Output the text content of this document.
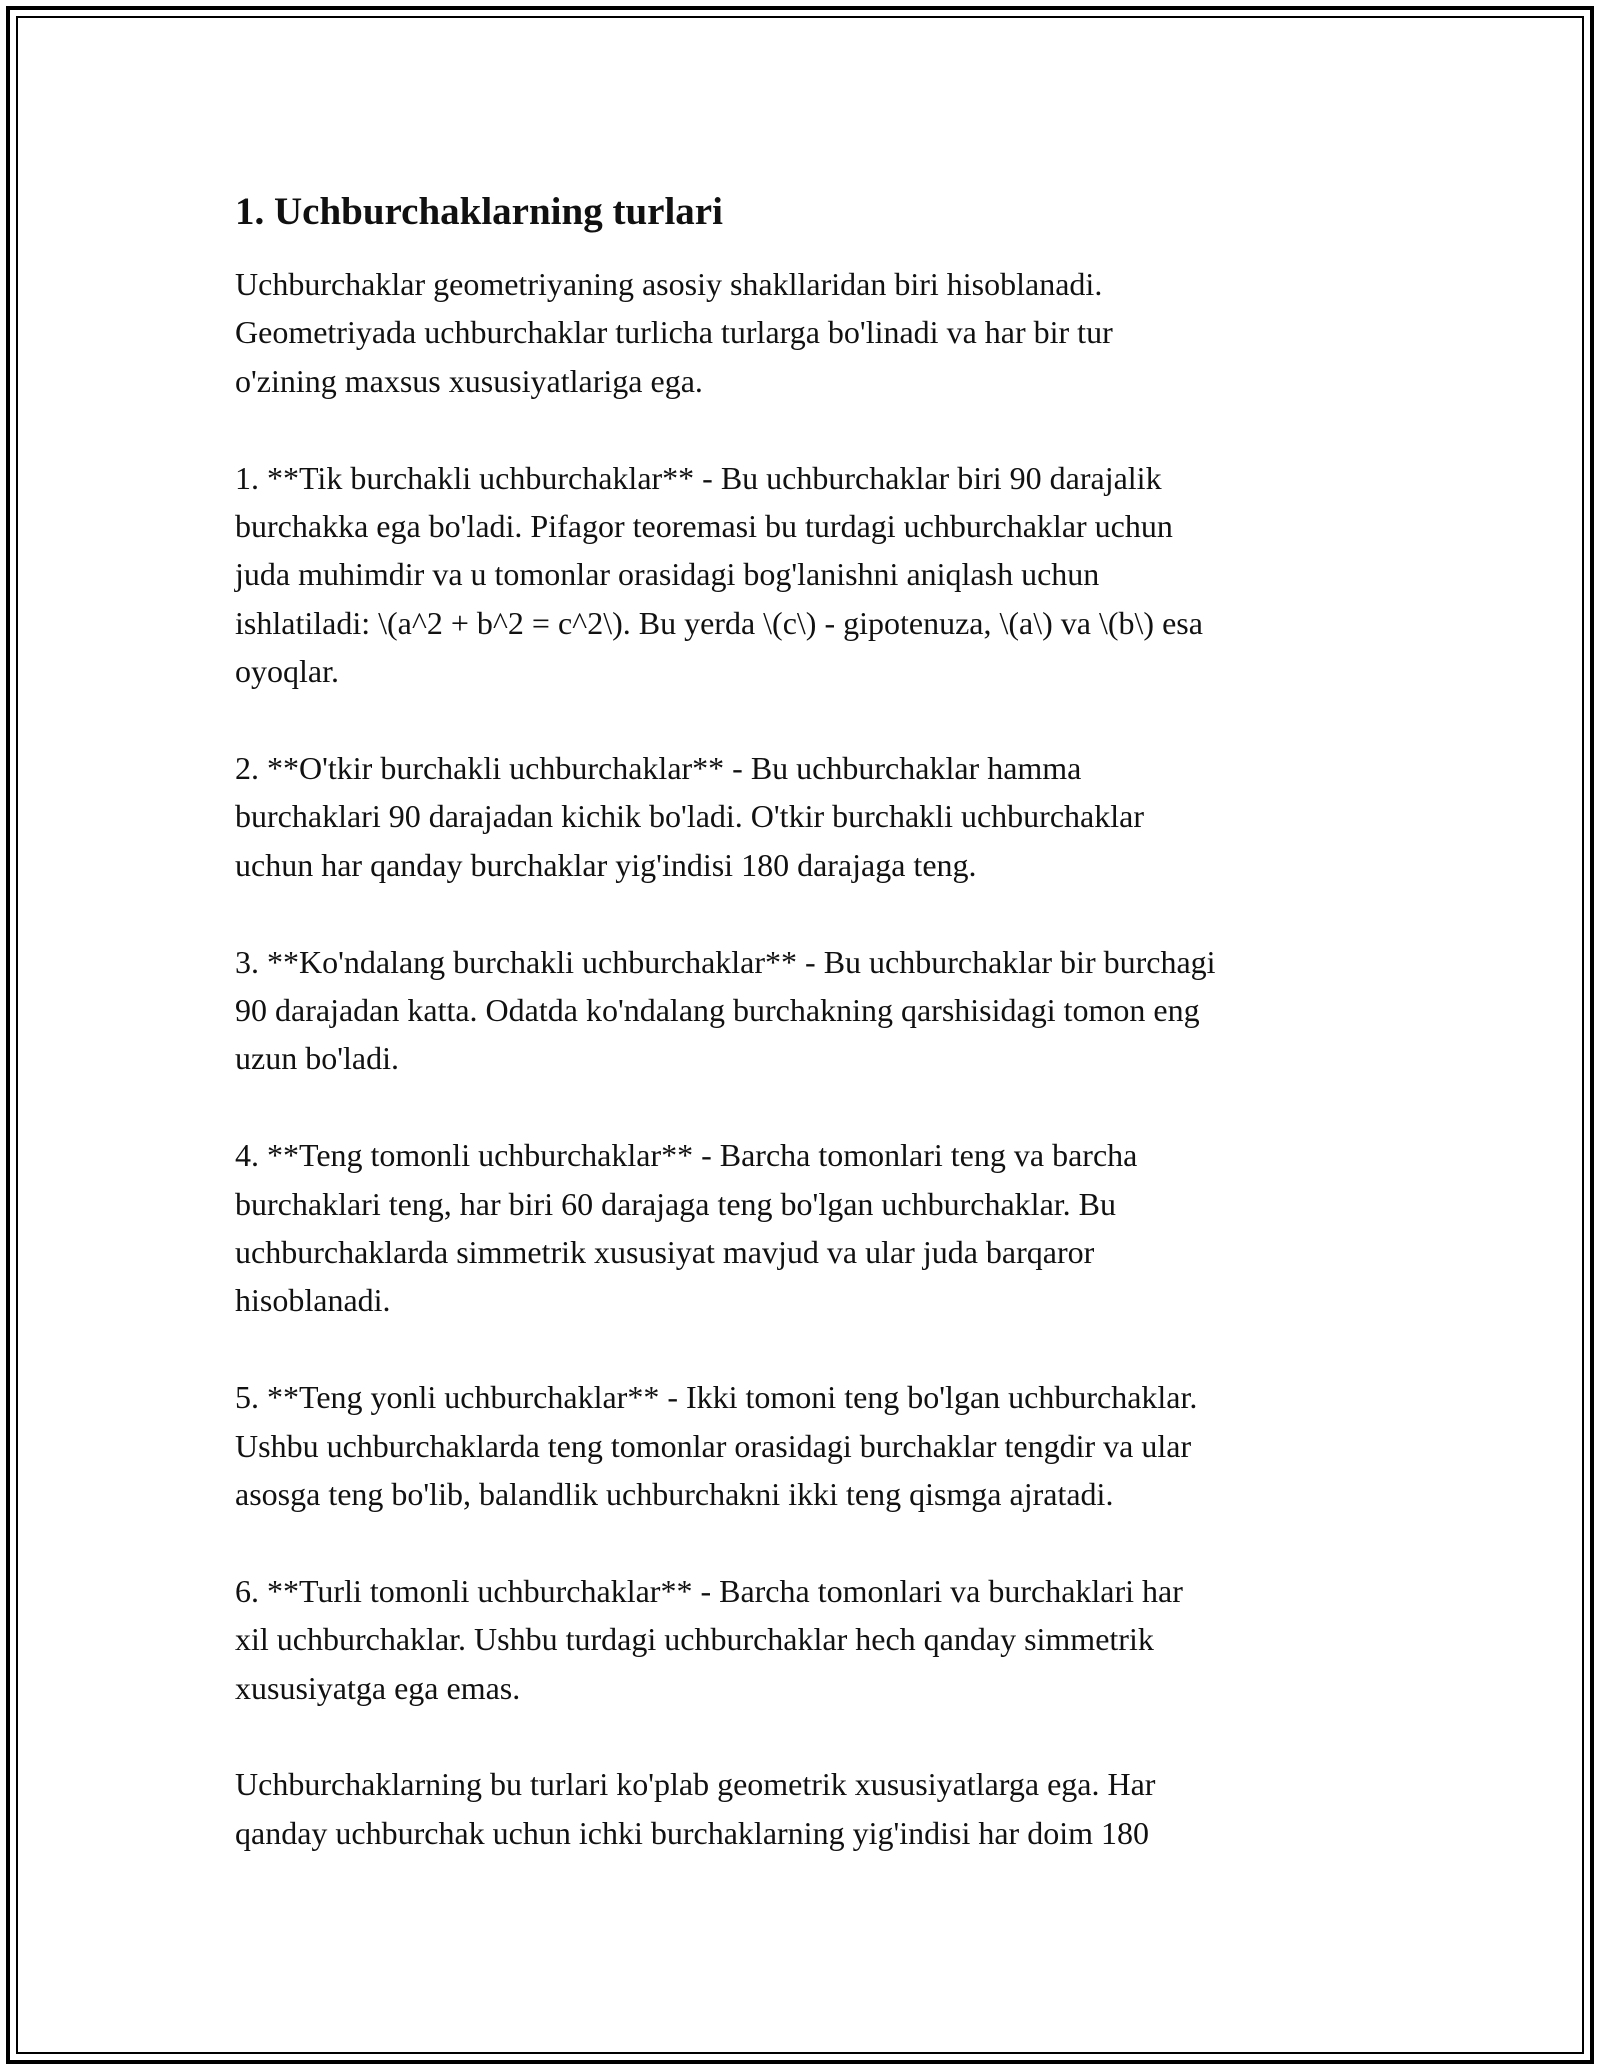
1. Uchburchaklarning turlari
Uchburchaklar geometriyaning asosiy shakllaridan biri hisoblanadi.
Geometriyada uchburchaklar turlicha turlarga bo'linadi va har bir tur
o'zining maxsus xususiyatlariga ega.
1. **Tik burchakli uchburchaklar** - Bu uchburchaklar biri 90 darajalik
burchakka ega bo'ladi. Pifagor teoremasi bu turdagi uchburchaklar uchun
juda muhimdir va u tomonlar orasidagi bog'lanishni aniqlash uchun
ishlatiladi: \(a^2 + b^2 = c^2\). Bu yerda \(c\) - gipotenuza, \(a\) va \(b\) esa
oyoqlar.
2. **O'tkir burchakli uchburchaklar** - Bu uchburchaklar hamma
burchaklari 90 darajadan kichik bo'ladi. O'tkir burchakli uchburchaklar
uchun har qanday burchaklar yig'indisi 180 darajaga teng.
3. **Ko'ndalang burchakli uchburchaklar** - Bu uchburchaklar bir burchagi
90 darajadan katta. Odatda ko'ndalang burchakning qarshisidagi tomon eng
uzun bo'ladi.
4. **Teng tomonli uchburchaklar** - Barcha tomonlari teng va barcha
burchaklari teng, har biri 60 darajaga teng bo'lgan uchburchaklar. Bu
uchburchaklarda simmetrik xususiyat mavjud va ular juda barqaror
hisoblanadi.
5. **Teng yonli uchburchaklar** - Ikki tomoni teng bo'lgan uchburchaklar.
Ushbu uchburchaklarda teng tomonlar orasidagi burchaklar tengdir va ular
asosga teng bo'lib, balandlik uchburchakni ikki teng qismga ajratadi.
6. **Turli tomonli uchburchaklar** - Barcha tomonlari va burchaklari har
xil uchburchaklar. Ushbu turdagi uchburchaklar hech qanday simmetrik
xususiyatga ega emas.
Uchburchaklarning bu turlari ko'plab geometrik xususiyatlarga ega. Har
qanday uchburchak uchun ichki burchaklarning yig'indisi har doim 180
